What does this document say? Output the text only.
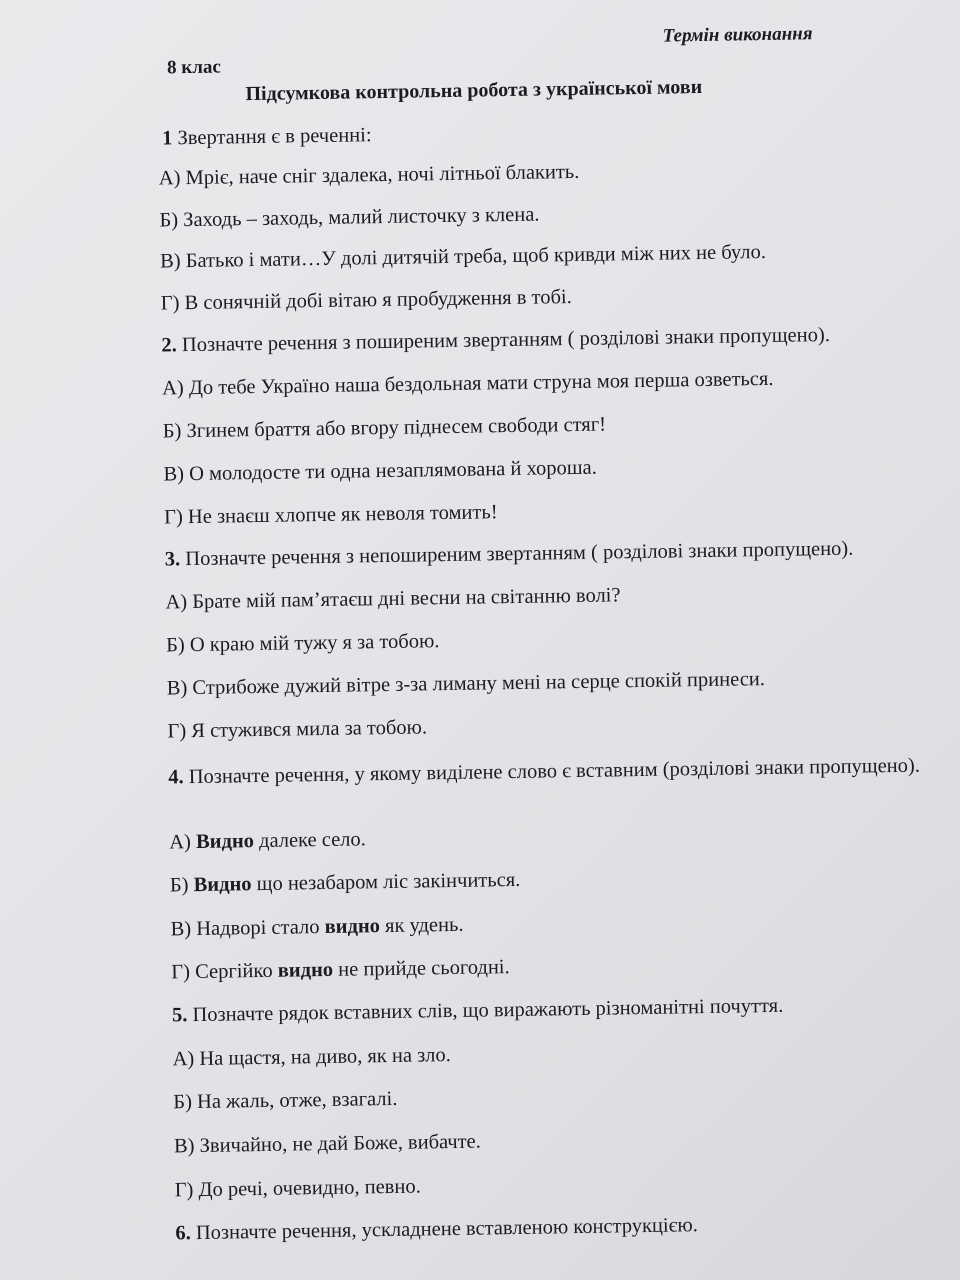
Термін виконання
8 клас
Підсумкова контрольна робота з української мови
1 Звертання є в реченні:
А) Мріє, наче сніг здалека, ночі літньої блакить.
Б) Заходь – заходь, малий листочку з клена.
В) Батько і мати…У долі дитячій треба, щоб кривди між них не було.
Г) В сонячній добі вітаю я пробудження в тобі.
2. Позначте речення з поширеним звертанням ( розділові знаки пропущено).
А) До тебе Україно наша бездольная мати струна моя перша озветься.
Б) Згинем браття або вгору піднесем свободи стяг!
В) О молодосте ти одна незаплямована й хороша.
Г) Не знаєш хлопче як неволя томить!
3. Позначте речення з непоширеним звертанням ( розділові знаки пропущено).
А) Брате мій пам’ятаєш дні весни на світанню волі?
Б) О краю мій тужу я за тобою.
В) Стрибоже дужий вітре з-за лиману мені на серце спокій принеси.
Г) Я стужився мила за тобою.
4. Позначте речення, у якому виділене слово є вставним (розділові знаки пропущено).
А) Видно далеке село.
Б) Видно що незабаром ліс закінчиться.
В) Надворі стало видно як удень.
Г) Сергійко видно не прийде сьогодні.
5. Позначте рядок вставних слів, що виражають різноманітні почуття.
А) На щастя, на диво, як на зло.
Б) На жаль, отже, взагалі.
В) Звичайно, не дай Боже, вибачте.
Г) До речі, очевидно, певно.
6. Позначте речення, ускладнене вставленою конструкцією.
